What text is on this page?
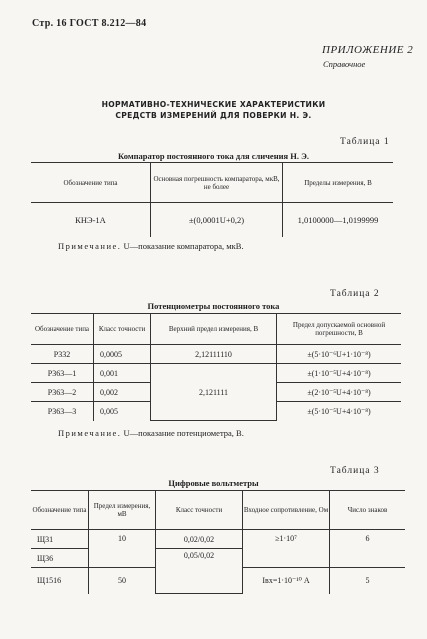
Стр. 16 ГОСТ 8.212—84
ПРИЛОЖЕНИЕ 2
Справочное
НОРМАТИВНО-ТЕХНИЧЕСКИЕ ХАРАКТЕРИСТИКИ
СРЕДСТВ ИЗМЕРЕНИЙ ДЛЯ ПОВЕРКИ Н. Э.
Таблица 1
Компаратор постоянного тока для сличения Н. Э.
Обозначение типа	Основная погрешность компаратора, мкВ, не более	Пределы измерения, В
КНЭ-1А	±(0,0001U+0,2)	1,0100000—1,0199999
Примечание. U—показание компаратора, мкВ.
Таблица 2
Потенциометры постоянного тока
Обозначение типа	Класс точности	Верхний предел измерения, В	Предел допускаемой основной погрешности, В
Р332	0,0005	2,12111110	±(5·10⁻⁶U+1·10⁻⁸)
Р363—1	0,001	2,121111	±(1·10⁻⁵U+4·10⁻⁸)
Р363—2	0,002		±(2·10⁻⁵U+4·10⁻⁸)
Р363—3	0,005		±(5·10⁻⁵U+4·10⁻⁸)
Примечание. U—показание потенциометра, В.
Таблица 3
Цифровые вольтметры
Обозначение типа	Предел измерения, мВ	Класс точности	Входное сопротивление, Ом	Число знаков
Щ31	10	0,02/0,02	≥1·10⁷	6
Щ36		0,05/0,02		
Щ1516	50		Iвх=1·10⁻¹⁰ А	5
